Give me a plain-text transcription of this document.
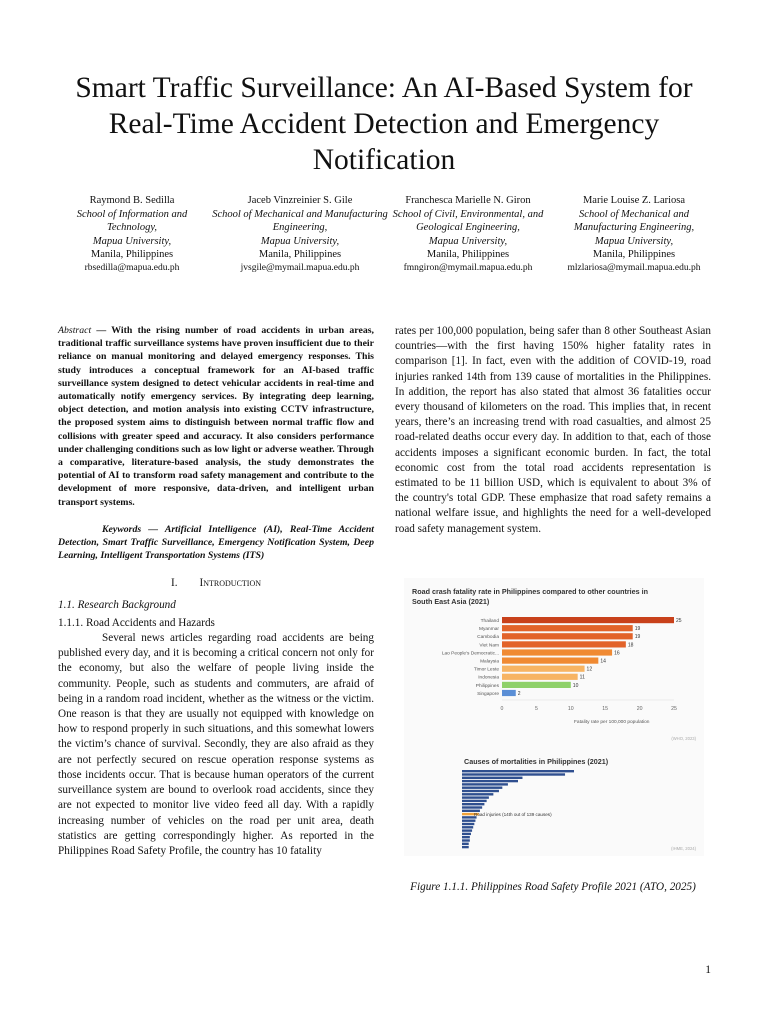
Smart Traffic Surveillance: An AI-Based System for Real-Time Accident Detection and Emergency Notification
Raymond B. Sedilla
School of Information and Technology,
Mapua University,
Manila, Philippines
rbsedilla@mapua.edu.ph
Jaceb Vinzreinier S. Gile
School of Mechanical and Manufacturing Engineering,
Mapua University,
Manila, Philippines
jvsgile@mymail.mapua.edu.ph
Franchesca Marielle N. Giron
School of Civil, Environmental, and Geological Engineering,
Mapua University,
Manila, Philippines
fmngiron@mymail.mapua.edu.ph
Marie Louise Z. Lariosa
School of Mechanical and Manufacturing Engineering,
Mapua University,
Manila, Philippines
mlzlariosa@mymail.mapua.edu.ph

Abstract — With the rising number of road accidents in urban areas, traditional traffic surveillance systems have proven insufficient due to their reliance on manual monitoring and delayed emergency responses. This study introduces a conceptual framework for an AI-based traffic surveillance system designed to detect vehicular accidents in real-time and automatically notify emergency services. By integrating deep learning, object detection, and motion analysis into existing CCTV infrastructure, the proposed system aims to distinguish between normal traffic flow and collisions with greater speed and accuracy. It also considers performance under challenging conditions such as low light or adverse weather. Through a comparative, literature-based analysis, the study demonstrates the potential of AI to transform road safety management and contribute to the development of more responsive, data-driven, and intelligent urban transport systems.

Keywords — Artificial Intelligence (AI), Real-Time Accident Detection, Smart Traffic Surveillance, Emergency Notification System, Deep Learning, Intelligent Transportation Systems (ITS)

I. Introduction
1.1. Research Background
1.1.1. Road Accidents and Hazards

Several news articles regarding road accidents are being published every day, and it is becoming a critical concern not only for the economy, but also the welfare of people living inside the community. People, such as students and commuters, are afraid of being in a random road incident, whether as the witness or the victim. One reason is that they are usually not equipped with knowledge on how to respond properly in such situations, and this somewhat lowers the victim’s chance of survival. Secondly, they are also afraid as they are not perfectly secured on rescue operation response systems as those incidents occur. That is because human operators of the current surveillance system are bound to overlook road accidents, since they are not expected to monitor live video feed all day. With a rapidly increasing number of vehicles on the road per unit area, death statistics are getting correspondingly higher. As reported in the Philippines Road Safety Profile, the country has 10 fatality

rates per 100,000 population, being safer than 8 other Southeast Asian countries—with the first having 150% higher fatality rates in comparison [1]. In fact, even with the addition of COVID-19, road injuries ranked 14th from 139 cause of mortalities in the Philippines. In addition, the report has also stated that almost 36 fatalities occur every thousand of kilometers on the road. This implies that, in recent years, there’s an increasing trend with road casualties, and almost 25 road-related deaths occur every day. In addition to that, each of those accidents imposes a significant economic burden. In fact, the total economic cost from the total road accidents representation is estimated to be 11 billion USD, which is equivalent to about 3% of the country's total GDP. These emphasize that road safety remains a national welfare issue, and highlights the need for a well-developed road safety management system.

Road crash fatality rate in Philippines compared to other countries in
South East Asia (2021)
Thailand	25
Myanmar	19
Cambodia	19
Viet Nam	18
Lao People's Democratic...	16
Malaysia	14
Timor Leste	12
Indonesia	11
Philippines	10
Singapore	2
0	5	10	15	20	25
Fatality rate per 100,000 population
(WHO, 2023)
Causes of mortalities in Philippines (2021)
Road injuries (14th out of 139 causes)
(IHME, 2024)
Figure 1.1.1. Philippines Road Safety Profile 2021 (ATO, 2025)
1
